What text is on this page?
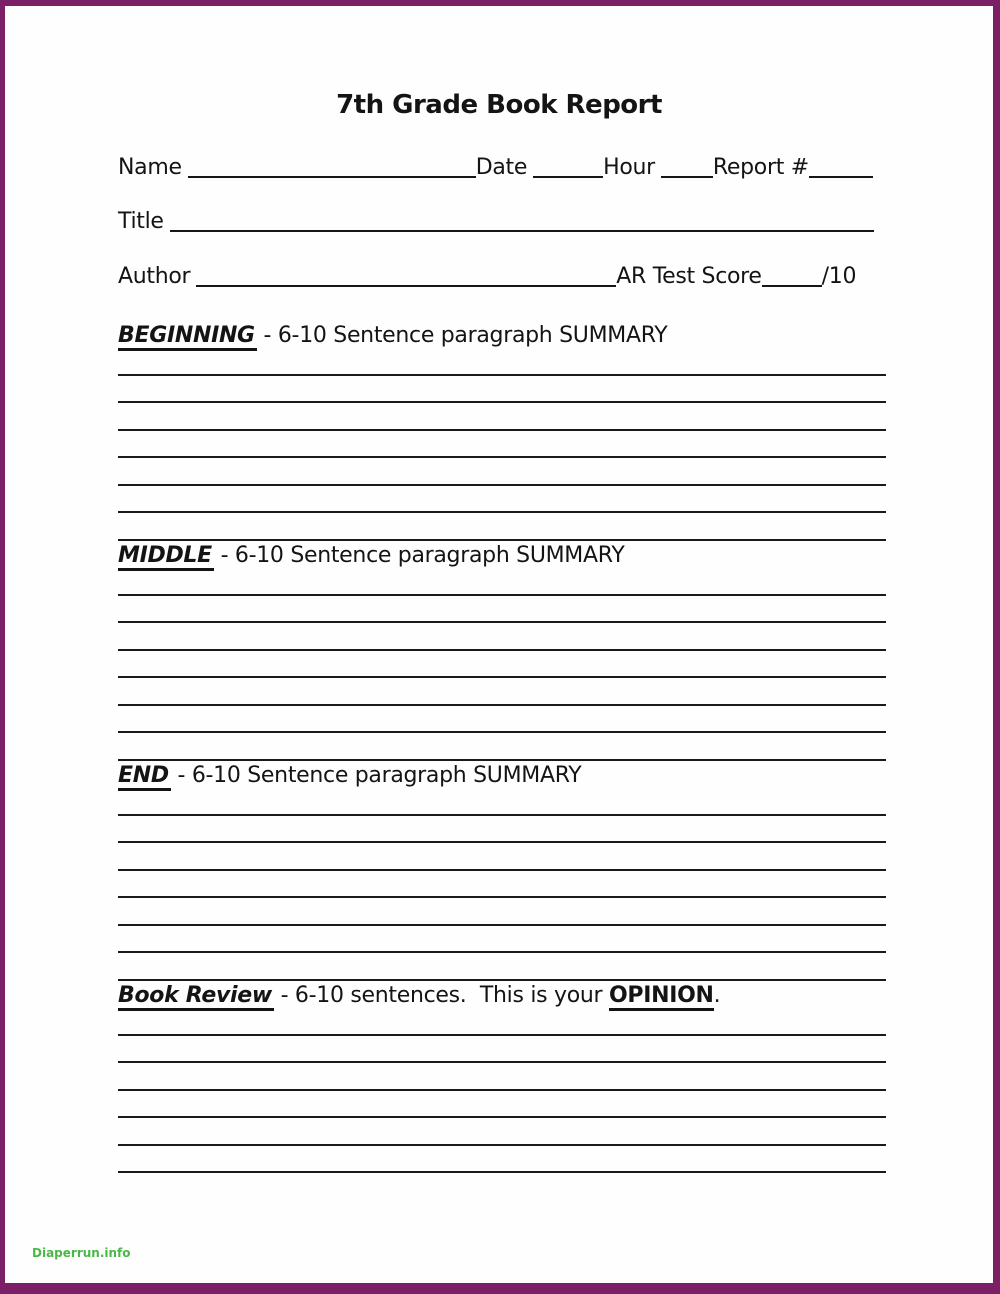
7th Grade Book Report
Name	Date	Hour	Report #
Title
Author	AR Test Score	/10
BEGINNING - 6-10 Sentence paragraph SUMMARY
MIDDLE - 6-10 Sentence paragraph SUMMARY
END - 6-10 Sentence paragraph SUMMARY
Book Review - 6-10 sentences.  This is your OPINION.
Diaperrun.info
